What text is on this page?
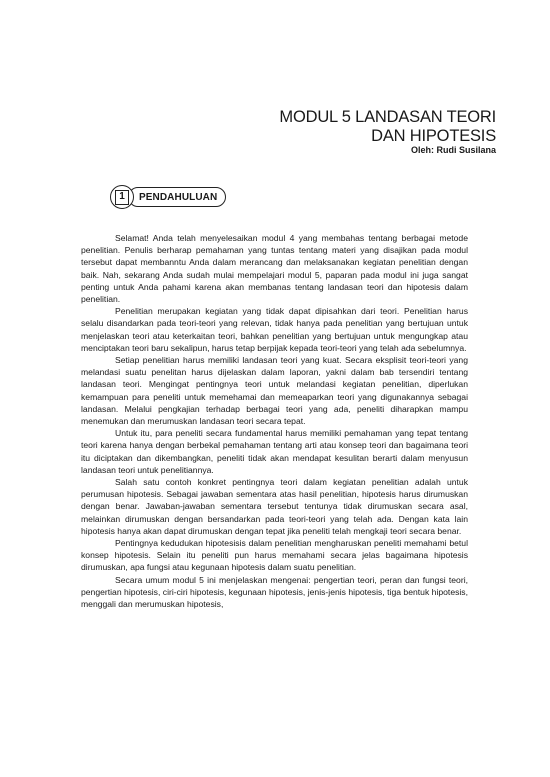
MODUL 5 LANDASAN TEORI
DAN HIPOTESIS
Oleh: Rudi Susilana
1	PENDAHULUAN

Selamat! Anda telah menyelesaikan modul 4 yang membahas tentang berbagai metode penelitian. Penulis berharap pemahaman yang tuntas tentang materi yang disajikan pada modul tersebut dapat membanntu Anda dalam merancang dan melaksanakan kegiatan penelitian dengan baik. Nah, sekarang Anda sudah mulai mempelajari modul 5, paparan pada modul ini juga sangat penting untuk Anda pahami karena akan membanas tentang landasan teori dan hipotesis dalam penelitian.

Penelitian merupakan kegiatan yang tidak dapat dipisahkan dari teori. Penelitian harus selalu disandarkan pada teori-teori yang relevan, tidak hanya pada penelitian yang bertujuan untuk menjelaskan teori atau keterkaitan teori, bahkan penelitian yang bertujuan untuk mengungkap atau menciptakan teori baru sekalipun, harus tetap berpijak kepada teori-teori yang telah ada sebelumnya.

Setiap penelitian harus memiliki landasan teori yang kuat. Secara eksplisit teori-teori yang melandasi suatu penelitan harus dijelaskan dalam laporan, yakni dalam bab tersendiri tentang landasan teori. Mengingat pentingnya teori untuk melandasi kegiatan penelitian, diperlukan kemampuan para peneliti untuk memehamai dan memeaparkan teori yang digunakannya sebagai landasan. Melalui pengkajian terhadap berbagai teori yang ada, peneliti diharapkan mampu menemukan dan merumuskan landasan teori secara tepat.

Untuk itu, para peneliti secara fundamental harus memiliki pemahaman yang tepat tentang teori karena hanya dengan berbekal pemahaman tentang arti atau konsep teori dan bagaimana teori itu diciptakan dan dikembangkan, peneliti tidak akan mendapat kesulitan berarti dalam menyusun landasan teori untuk penelitiannya.

Salah satu contoh konkret pentingnya teori dalam kegiatan penelitian adalah untuk perumusan hipotesis. Sebagai jawaban sementara atas hasil penelitian, hipotesis harus dirumuskan dengan benar. Jawaban-jawaban sementara tersebut tentunya tidak dirumuskan secara asal, melainkan dirumuskan dengan bersandarkan pada teori-teori yang telah ada. Dengan kata lain hipotesis hanya akan dapat dirumuskan dengan tepat jika peneliti telah mengkaji teori secara benar.

Pentingnya kedudukan hipotesisis dalam penelitian mengharuskan peneliti memahami betul konsep hipotesis. Selain itu peneliti pun harus memahami secara jelas bagaimana hipotesis dirumuskan, apa fungsi atau kegunaan hipotesis dalam suatu penelitian.

Secara umum modul 5 ini menjelaskan mengenai: pengertian teori, peran dan fungsi teori, pengertian hipotesis, ciri-ciri hipotesis, kegunaan hipotesis, jenis-jenis hipotesis, tiga bentuk hipotesis, menggali dan merumuskan hipotesis,
